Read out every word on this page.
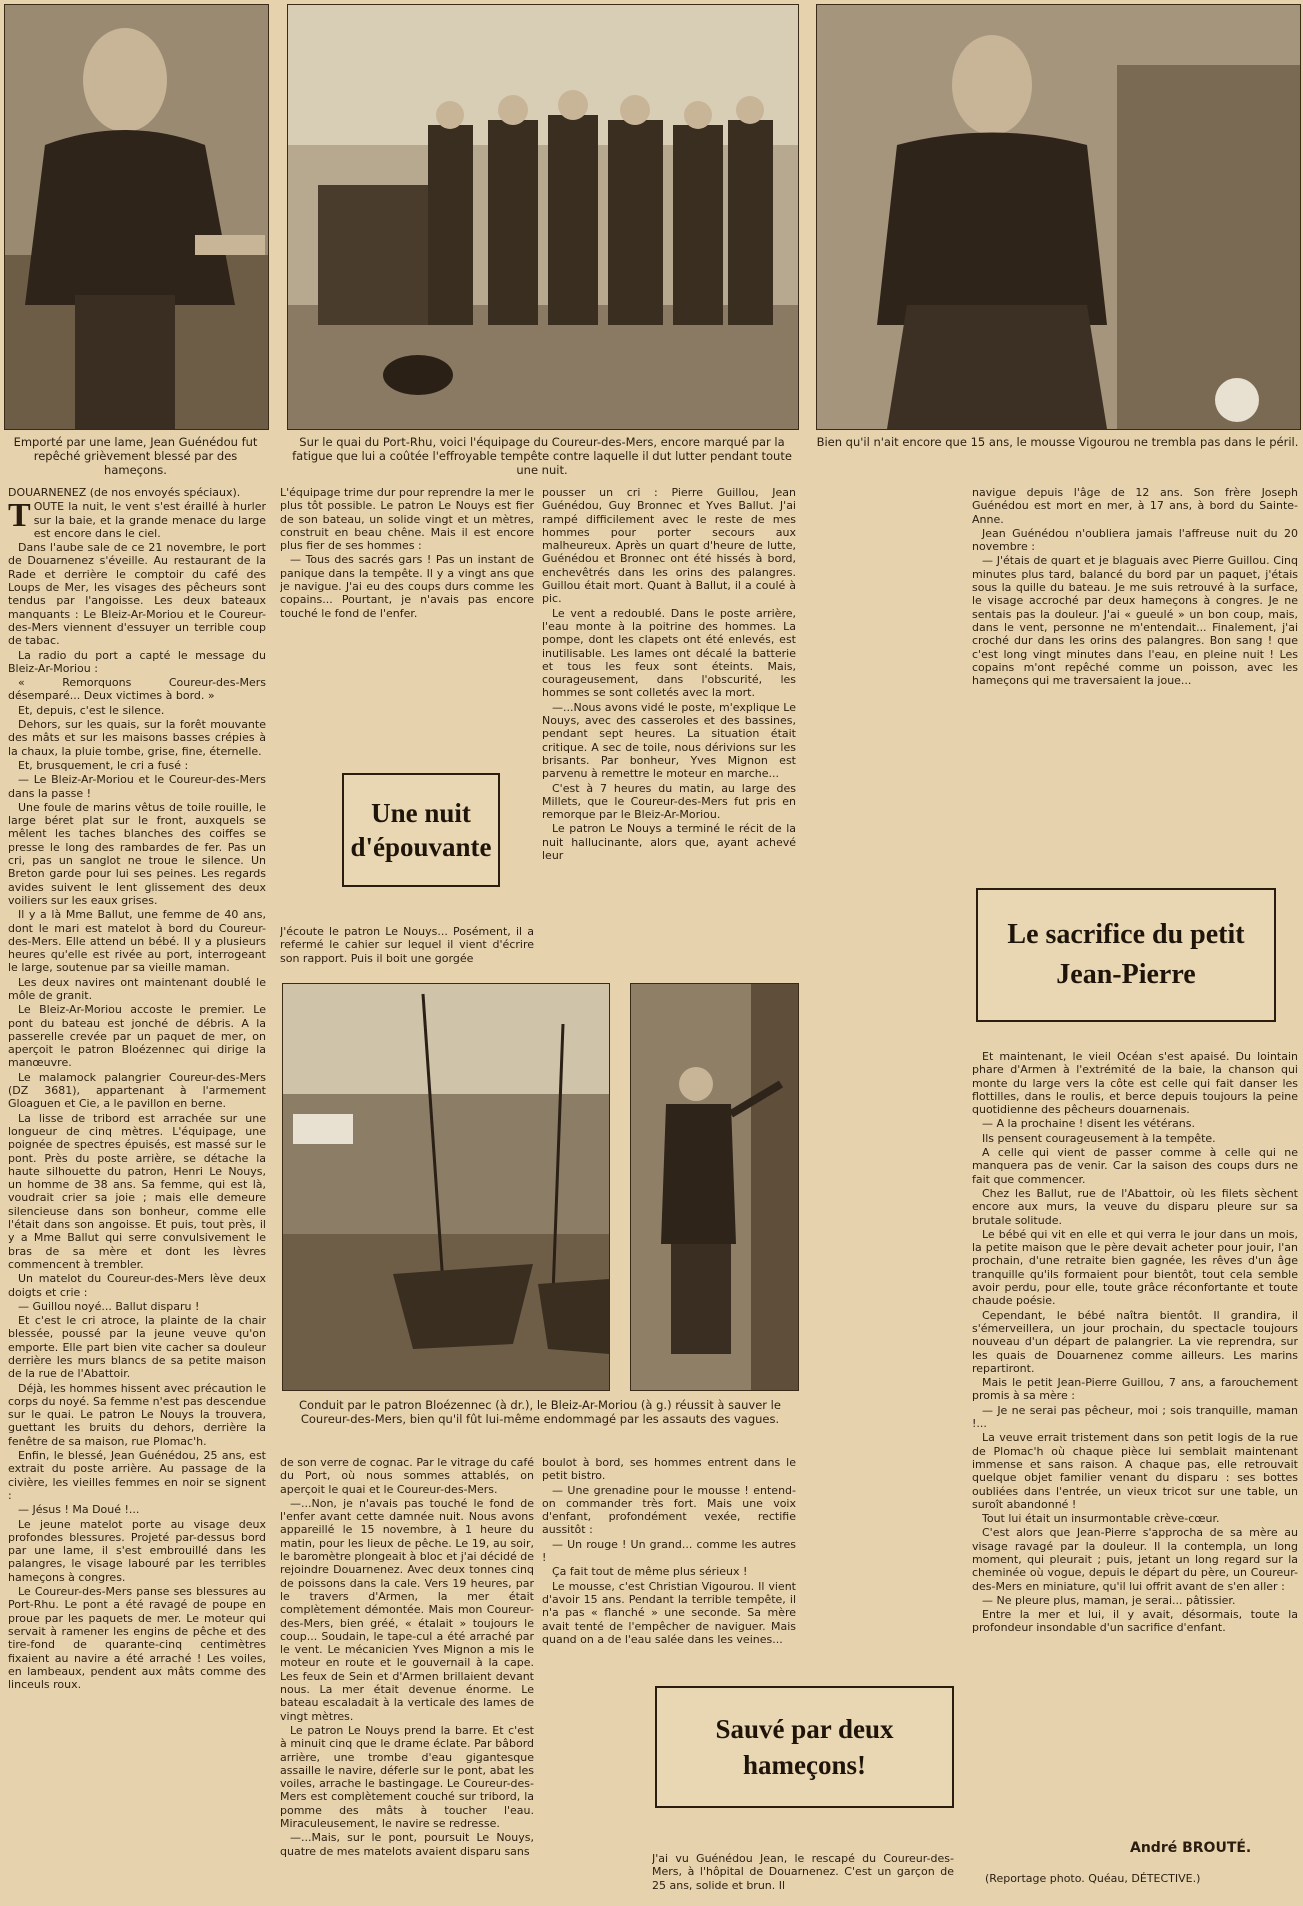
Emporté par une lame, Jean Guénédou fut repêché grièvement blessé par des hameçons.
Sur le quai du Port-Rhu, voici l'équipage du Coureur-des-Mers, encore marqué par la fatigue que lui a coûtée l'effroyable tempête contre laquelle il dut lutter pendant toute une nuit.
Bien qu'il n'ait encore que 15 ans, le mousse Vigourou ne trembla pas dans le péril.

DOUARNENEZ (de nos envoyés spéciaux).

TOUTE la nuit, le vent s'est éraillé à hurler sur la baie, et la grande menace du large est encore dans le ciel.

Dans l'aube sale de ce 21 novembre, le port de Douarnenez s'éveille. Au restaurant de la Rade et derrière le comptoir du café des Loups de Mer, les visages des pêcheurs sont tendus par l'angoisse. Les deux bateaux manquants : Le Bleiz-Ar-Moriou et le Coureur-des-Mers viennent d'essuyer un terrible coup de tabac.

La radio du port a capté le message du Bleiz-Ar-Moriou :

« Remorquons Coureur-des-Mers désemparé... Deux victimes à bord. »

Et, depuis, c'est le silence.

Dehors, sur les quais, sur la forêt mouvante des mâts et sur les maisons basses crépies à la chaux, la pluie tombe, grise, fine, éternelle.

Et, brusquement, le cri a fusé :

— Le Bleiz-Ar-Moriou et le Coureur-des-Mers dans la passe !

Une foule de marins vêtus de toile rouille, le large béret plat sur le front, auxquels se mêlent les taches blanches des coiffes se presse le long des rambardes de fer. Pas un cri, pas un sanglot ne troue le silence. Un Breton garde pour lui ses peines. Les regards avides suivent le lent glissement des deux voiliers sur les eaux grises.

Il y a là Mme Ballut, une femme de 40 ans, dont le mari est matelot à bord du Coureur-des-Mers. Elle attend un bébé. Il y a plusieurs heures qu'elle est rivée au port, interrogeant le large, soutenue par sa vieille maman.

Les deux navires ont maintenant doublé le môle de granit.

Le Bleiz-Ar-Moriou accoste le premier. Le pont du bateau est jonché de débris. A la passerelle crevée par un paquet de mer, on aperçoit le patron Bloézennec qui dirige la manœuvre.

Le malamock palangrier Coureur-des-Mers (DZ 3681), appartenant à l'armement Gloaguen et Cie, a le pavillon en berne.

La lisse de tribord est arrachée sur une longueur de cinq mètres. L'équipage, une poignée de spectres épuisés, est massé sur le pont. Près du poste arrière, se détache la haute silhouette du patron, Henri Le Nouys, un homme de 38 ans. Sa femme, qui est là, voudrait crier sa joie ; mais elle demeure silencieuse dans son bonheur, comme elle l'était dans son angoisse. Et puis, tout près, il y a Mme Ballut qui serre convulsivement le bras de sa mère et dont les lèvres commencent à trembler.

Un matelot du Coureur-des-Mers lève deux doigts et crie :

— Guillou noyé... Ballut disparu !

Et c'est le cri atroce, la plainte de la chair blessée, poussé par la jeune veuve qu'on emporte. Elle part bien vite cacher sa douleur derrière les murs blancs de sa petite maison de la rue de l'Abattoir.

Déjà, les hommes hissent avec précaution le corps du noyé. Sa femme n'est pas descendue sur le quai. Le patron Le Nouys la trouvera, guettant les bruits du dehors, derrière la fenêtre de sa maison, rue Plomac'h.

Enfin, le blessé, Jean Guénédou, 25 ans, est extrait du poste arrière. Au passage de la civière, les vieilles femmes en noir se signent :

— Jésus ! Ma Doué !...

Le jeune matelot porte au visage deux profondes blessures. Projeté par-dessus bord par une lame, il s'est embrouillé dans les palangres, le visage labouré par les terribles hameçons à congres.

Le Coureur-des-Mers panse ses blessures au Port-Rhu. Le pont a été ravagé de poupe en proue par les paquets de mer. Le moteur qui servait à ramener les engins de pêche et des tire-fond de quarante-cinq centimètres fixaient au navire a été arraché ! Les voiles, en lambeaux, pendent aux mâts comme des linceuls roux.

L'équipage trime dur pour reprendre la mer le plus tôt possible. Le patron Le Nouys est fier de son bateau, un solide vingt et un mètres, construit en beau chêne. Mais il est encore plus fier de ses hommes :

— Tous des sacrés gars ! Pas un instant de panique dans la tempête. Il y a vingt ans que je navigue. J'ai eu des coups durs comme les copains... Pourtant, je n'avais pas encore touché le fond de l'enfer.

Une nuit d'épouvante

J'écoute le patron Le Nouys... Posément, il a refermé le cahier sur lequel il vient d'écrire son rapport. Puis il boit une gorgée

pousser un cri : Pierre Guillou, Jean Guénédou, Guy Bronnec et Yves Ballut. J'ai rampé difficilement avec le reste de mes hommes pour porter secours aux malheureux. Après un quart d'heure de lutte, Guénédou et Bronnec ont été hissés à bord, enchevêtrés dans les orins des palangres. Guillou était mort. Quant à Ballut, il a coulé à pic.

Le vent a redoublé. Dans le poste arrière, l'eau monte à la poitrine des hommes. La pompe, dont les clapets ont été enlevés, est inutilisable. Les lames ont décalé la batterie et tous les feux sont éteints. Mais, courageusement, dans l'obscurité, les hommes se sont colletés avec la mort.

—...Nous avons vidé le poste, m'explique Le Nouys, avec des casseroles et des bassines, pendant sept heures. La situation était critique. A sec de toile, nous dérivions sur les brisants. Par bonheur, Yves Mignon est parvenu à remettre le moteur en marche...

C'est à 7 heures du matin, au large des Millets, que le Coureur-des-Mers fut pris en remorque par le Bleiz-Ar-Moriou.

Le patron Le Nouys a terminé le récit de la nuit hallucinante, alors que, ayant achevé leur

Conduit par le patron Bloézennec (à dr.), le Bleiz-Ar-Moriou (à g.) réussit à sauver le Coureur-des-Mers, bien qu'il fût lui-même endommagé par les assauts des vagues.

de son verre de cognac. Par le vitrage du café du Port, où nous sommes attablés, on aperçoit le quai et le Coureur-des-Mers.

—...Non, je n'avais pas touché le fond de l'enfer avant cette damnée nuit. Nous avons appareillé le 15 novembre, à 1 heure du matin, pour les lieux de pêche. Le 19, au soir, le baromètre plongeait à bloc et j'ai décidé de rejoindre Douarnenez. Avec deux tonnes cinq de poissons dans la cale. Vers 19 heures, par le travers d'Armen, la mer était complètement démontée. Mais mon Coureur-des-Mers, bien gréé, « étalait » toujours le coup... Soudain, le tape-cul a été arraché par le vent. Le mécanicien Yves Mignon a mis le moteur en route et le gouvernail à la cape. Les feux de Sein et d'Armen brillaient devant nous. La mer était devenue énorme. Le bateau escaladait à la verticale des lames de vingt mètres.

Le patron Le Nouys prend la barre. Et c'est à minuit cinq que le drame éclate. Par bâbord arrière, une trombe d'eau gigantesque assaille le navire, déferle sur le pont, abat les voiles, arrache le bastingage. Le Coureur-des-Mers est complètement couché sur tribord, la pomme des mâts à toucher l'eau. Miraculeusement, le navire se redresse.

—...Mais, sur le pont, poursuit Le Nouys, quatre de mes matelots avaient disparu sans

boulot à bord, ses hommes entrent dans le petit bistro.

— Une grenadine pour le mousse ! entend-on commander très fort. Mais une voix d'enfant, profondément vexée, rectifie aussitôt :

— Un rouge ! Un grand... comme les autres !

Ça fait tout de même plus sérieux !

Le mousse, c'est Christian Vigourou. Il vient d'avoir 15 ans. Pendant la terrible tempête, il n'a pas « flanché » une seconde. Sa mère avait tenté de l'empêcher de naviguer. Mais quand on a de l'eau salée dans les veines...

Sauvé par deux hameçons!

J'ai vu Guénédou Jean, le rescapé du Coureur-des-Mers, à l'hôpital de Douarnenez. C'est un garçon de 25 ans, solide et brun. Il

navigue depuis l'âge de 12 ans. Son frère Joseph Guénédou est mort en mer, à 17 ans, à bord du Sainte-Anne.

Jean Guénédou n'oubliera jamais l'affreuse nuit du 20 novembre :

— J'étais de quart et je blaguais avec Pierre Guillou. Cinq minutes plus tard, balancé du bord par un paquet, j'étais sous la quille du bateau. Je me suis retrouvé à la surface, le visage accroché par deux hameçons à congres. Je ne sentais pas la douleur. J'ai « gueulé » un bon coup, mais, dans le vent, personne ne m'entendait... Finalement, j'ai croché dur dans les orins des palangres. Bon sang ! que c'est long vingt minutes dans l'eau, en pleine nuit ! Les copains m'ont repêché comme un poisson, avec les hameçons qui me traversaient la joue...

Le sacrifice du petit Jean-Pierre

Et maintenant, le vieil Océan s'est apaisé. Du lointain phare d'Armen à l'extrémité de la baie, la chanson qui monte du large vers la côte est celle qui fait danser les flottilles, dans le roulis, et berce depuis toujours la peine quotidienne des pêcheurs douarnenais.

— A la prochaine ! disent les vétérans.

Ils pensent courageusement à la tempête.

A celle qui vient de passer comme à celle qui ne manquera pas de venir. Car la saison des coups durs ne fait que commencer.

Chez les Ballut, rue de l'Abattoir, où les filets sèchent encore aux murs, la veuve du disparu pleure sur sa brutale solitude.

Le bébé qui vit en elle et qui verra le jour dans un mois, la petite maison que le père devait acheter pour jouir, l'an prochain, d'une retraite bien gagnée, les rêves d'un âge tranquille qu'ils formaient pour bientôt, tout cela semble avoir perdu, pour elle, toute grâce réconfortante et toute chaude poésie.

Cependant, le bébé naîtra bientôt. Il grandira, il s'émerveillera, un jour prochain, du spectacle toujours nouveau d'un départ de palangrier. La vie reprendra, sur les quais de Douarnenez comme ailleurs. Les marins repartiront.

Mais le petit Jean-Pierre Guillou, 7 ans, a farouchement promis à sa mère :

— Je ne serai pas pêcheur, moi ; sois tranquille, maman !...

La veuve errait tristement dans son petit logis de la rue de Plomac'h où chaque pièce lui semblait maintenant immense et sans raison. A chaque pas, elle retrouvait quelque objet familier venant du disparu : ses bottes oubliées dans l'entrée, un vieux tricot sur une table, un suroît abandonné !

Tout lui était un insurmontable crève-cœur.

C'est alors que Jean-Pierre s'approcha de sa mère au visage ravagé par la douleur. Il la contempla, un long moment, qui pleurait ; puis, jetant un long regard sur la cheminée où vogue, depuis le départ du père, un Coureur-des-Mers en miniature, qu'il lui offrit avant de s'en aller :

— Ne pleure plus, maman, je serai... pâtissier.

Entre la mer et lui, il y avait, désormais, toute la profondeur insondable d'un sacrifice d'enfant.

André BROUTÉ.
(Reportage photo. Quéau, DÉTECTIVE.)
